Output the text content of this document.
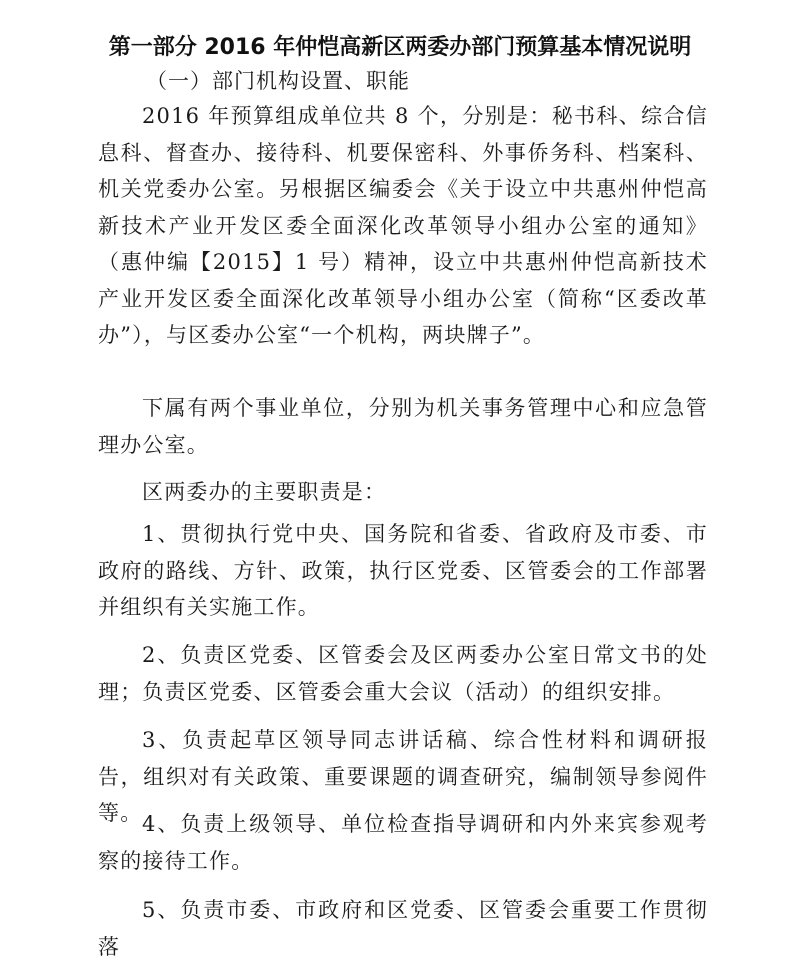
第一部分 2016 年仲恺高新区两委办部门预算基本情况说明
（一）部门机构设置、职能

2016 年预算组成单位共 8 个，分别是：秘书科、综合信息科、督查办、接待科、机要保密科、外事侨务科、档案科、机关党委办公室。另根据区编委会《关于设立中共惠州仲恺高新技术产业开发区委全面深化改革领导小组办公室的通知》（惠仲编【2015】1 号）精神，设立中共惠州仲恺高新技术产业开发区委全面深化改革领导小组办公室（简称“区委改革办”），与区委办公室“一个机构，两块牌子”。

下属有两个事业单位，分别为机关事务管理中心和应急管理办公室。

区两委办的主要职责是：

1、贯彻执行党中央、国务院和省委、省政府及市委、市政府的路线、方针、政策，执行区党委、区管委会的工作部署并组织有关实施工作。

2、负责区党委、区管委会及区两委办公室日常文书的处理；负责区党委、区管委会重大会议（活动）的组织安排。

3、负责起草区领导同志讲话稿、综合性材料和调研报告，组织对有关政策、重要课题的调查研究，编制领导参阅件等。 4、负责上级领导、单位检查指导调研和内外来宾参观考察的接待工作。

5、负责市委、市政府和区党委、区管委会重要工作贯彻落
